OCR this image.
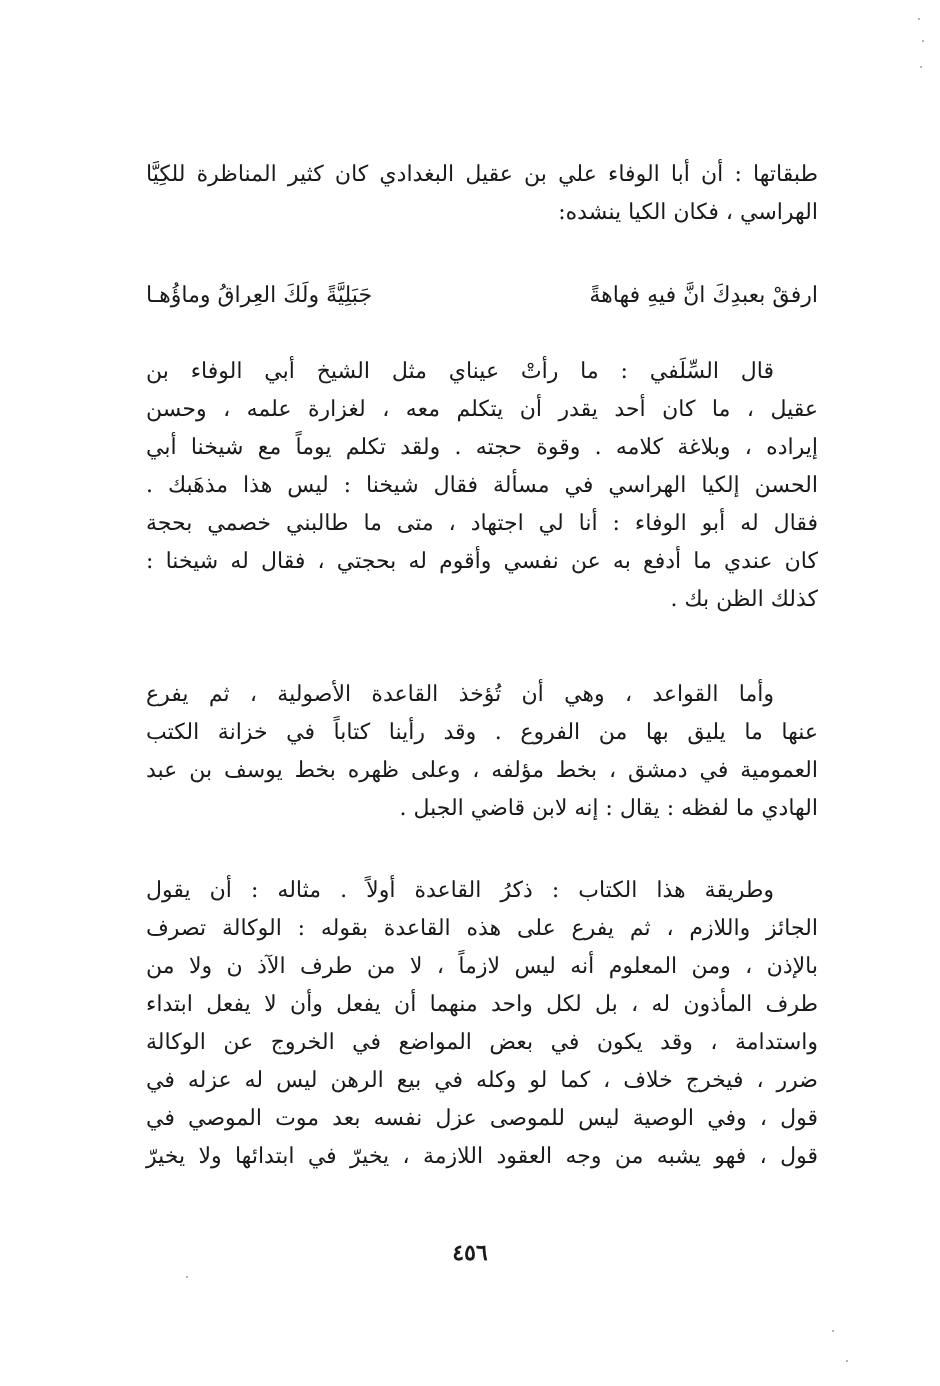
طبقاتها : أن أبا الوفاء علي بن عقيل البغدادي كان كثير المناظرة للكِيَّا
الهراسي ، فكان الكيا ينشده:
ارفقْ بعبدِكَ انَّ فيهِ فهاهةً
جَبَلِيَّةً ولَكَ العِراقُ وماؤُهـا
قال السِّلَفي : ما رأتْ عيناي مثل الشيخ أبي الوفاء بن
عقيل ، ما كان أحد يقدر أن يتكلم معه ، لغزارة علمه ، وحسن
إيراده ، وبلاغة كلامه . وقوة حجته . ولقد تكلم يوماً مع شيخنا أبي
الحسن إلكيا الهراسي في مسألة فقال شيخنا : ليس هذا مذهَبك .
فقال له أبو الوفاء : أنا لي اجتهاد ، متى ما طالبني خصمي بحجة
كان عندي ما أدفع به عن نفسي وأقوم له بحجتي ، فقال له شيخنا :
كذلك الظن بك .
وأما القواعد ، وهي أن تُؤخذ القاعدة الأصولية ، ثم يفرع
عنها ما يليق بها من الفروع . وقد رأينا كتاباً في خزانة الكتب
العمومية في دمشق ، بخط مؤلفه ، وعلى ظهره بخط يوسف بن عبد
الهادي ما لفظه : يقال : إنه لابن قاضي الجبل .
وطريقة هذا الكتاب : ذكرُ القاعدة أولاً . مثاله : أن يقول
الجائز واللازم ، ثم يفرع على هذه القاعدة بقوله : الوكالة تصرف
بالإذن ، ومن المعلوم أنه ليس لازماً ، لا من طرف الآذ ن ولا من
طرف المأذون له ، بل لكل واحد منهما أن يفعل وأن لا يفعل ابتداء
واستدامة ، وقد يكون في بعض المواضع في الخروج عن الوكالة
ضرر ، فيخرج خلاف ، كما لو وكله في بيع الرهن ليس له عزله في
قول ، وفي الوصية ليس للموصى عزل نفسه بعد موت الموصي في
قول ، فهو يشبه من وجه العقود اللازمة ، يخيرّ في ابتدائها ولا يخيرّ
٤٥٦
